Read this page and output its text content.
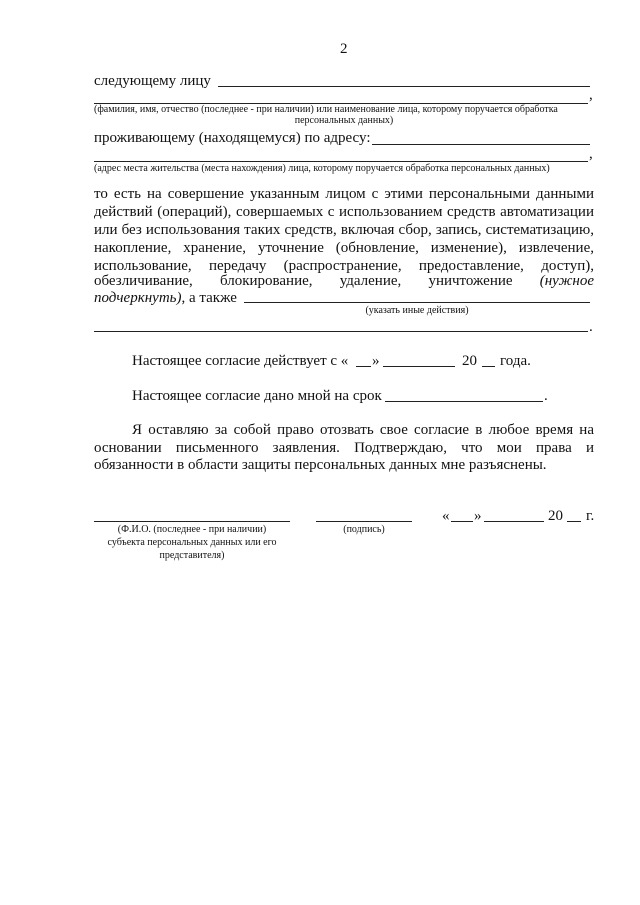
2
следующему лицу
,
(фамилия, имя, отчество (последнее - при наличии) или наименование лица, которому поручается обработка
персональных данных)
проживающему (находящемуся) по адресу:
,
(адрес места жительства (места нахождения) лица, которому поручается обработка персональных данных)
то есть на совершение указанным лицом с этими персональными данными
действий (операций), совершаемых с использованием средств автоматизации
или без использования таких средств, включая сбор, запись, систематизацию,
накопление, хранение, уточнение (обновление, изменение), извлечение,
использование, передачу (распространение, предоставление, доступ),
обезличивание, блокирование, удаление, уничтожение (нужное
подчеркнуть), а также
(указать иные действия)
.
Настоящее согласие действует с « »	20 года.
Настоящее согласие дано мной на срок	.
Я оставляю за собой право отозвать свое согласие в любое время на
основании письменного заявления. Подтверждаю, что мои права и
обязанности в области защиты персональных данных мне разъяснены.
(Ф.И.О. (последнее - при наличии)
субъекта персональных данных или его
представителя)
(подпись)
« »	20 г.
